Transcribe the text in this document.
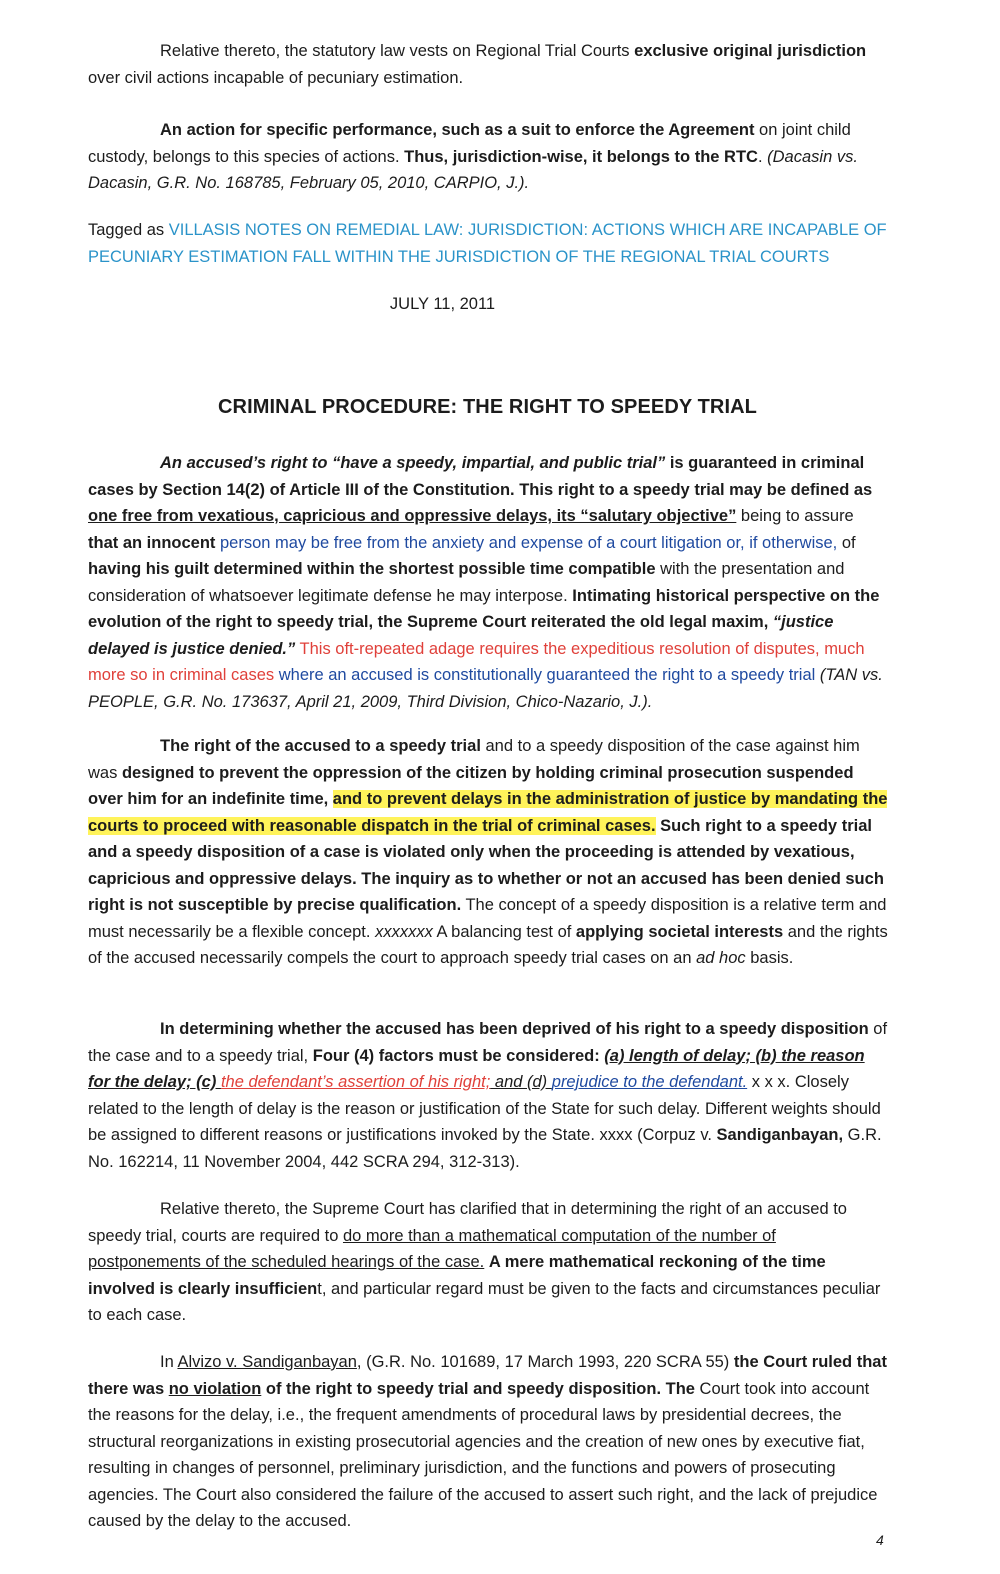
Relative thereto, the statutory law vests on Regional Trial Courts exclusive original jurisdiction over civil actions incapable of pecuniary estimation.

An action for specific performance, such as a suit to enforce the Agreement on joint child custody, belongs to this species of actions. Thus, jurisdiction-wise, it belongs to the RTC. (Dacasin vs. Dacasin, G.R. No. 168785, February 05, 2010, CARPIO, J.).

Tagged as VILLASIS NOTES ON REMEDIAL LAW: JURISDICTION: ACTIONS WHICH ARE INCAPABLE OF PECUNIARY ESTIMATION FALL WITHIN THE JURISDICTION OF THE REGIONAL TRIAL COURTS

JULY 11, 2011
CRIMINAL PROCEDURE: THE RIGHT TO SPEEDY TRIAL

An accused’s right to “have a speedy, impartial, and public trial” is guaranteed in criminal cases by Section 14(2) of Article III of the Constitution. This right to a speedy trial may be defined as one free from vexatious, capricious and oppressive delays, its “salutary objective” being to assure that an innocent person may be free from the anxiety and expense of a court litigation or, if otherwise, of having his guilt determined within the shortest possible time compatible with the presentation and consideration of whatsoever legitimate defense he may interpose. Intimating historical perspective on the evolution of the right to speedy trial, the Supreme Court reiterated the old legal maxim, “justice delayed is justice denied.” This oft-repeated adage requires the expeditious resolution of disputes, much more so in criminal cases where an accused is constitutionally guaranteed the right to a speedy trial (TAN vs. PEOPLE, G.R. No. 173637, April 21, 2009, Third Division, Chico-Nazario, J.).

The right of the accused to a speedy trial and to a speedy disposition of the case against him was designed to prevent the oppression of the citizen by holding criminal prosecution suspended over him for an indefinite time, and to prevent delays in the administration of justice by mandating the courts to proceed with reasonable dispatch in the trial of criminal cases. Such right to a speedy trial and a speedy disposition of a case is violated only when the proceeding is attended by vexatious, capricious and oppressive delays. The inquiry as to whether or not an accused has been denied such right is not susceptible by precise qualification. The concept of a speedy disposition is a relative term and must necessarily be a flexible concept. xxxxxxx A balancing test of applying societal interests and the rights of the accused necessarily compels the court to approach speedy trial cases on an ad hoc basis.

In determining whether the accused has been deprived of his right to a speedy disposition of the case and to a speedy trial, Four (4) factors must be considered: (a) length of delay; (b) the reason for the delay; (c) the defendant’s assertion of his right; and (d) prejudice to the defendant. x x x. Closely related to the length of delay is the reason or justification of the State for such delay. Different weights should be assigned to different reasons or justifications invoked by the State. xxxx (Corpuz v. Sandiganbayan, G.R. No. 162214, 11 November 2004, 442 SCRA 294, 312-313).

Relative thereto, the Supreme Court has clarified that in determining the right of an accused to speedy trial, courts are required to do more than a mathematical computation of the number of postponements of the scheduled hearings of the case. A mere mathematical reckoning of the time involved is clearly insufficient, and particular regard must be given to the facts and circumstances peculiar to each case.

In Alvizo v. Sandiganbayan, (G.R. No. 101689, 17 March 1993, 220 SCRA 55) the Court ruled that there was no violation of the right to speedy trial and speedy disposition. The Court took into account the reasons for the delay, i.e., the frequent amendments of procedural laws by presidential decrees, the structural reorganizations in existing prosecutorial agencies and the creation of new ones by executive fiat, resulting in changes of personnel, preliminary jurisdiction, and the functions and powers of prosecuting agencies. The Court also considered the failure of the accused to assert such right, and the lack of prejudice caused by the delay to the accused.

4
